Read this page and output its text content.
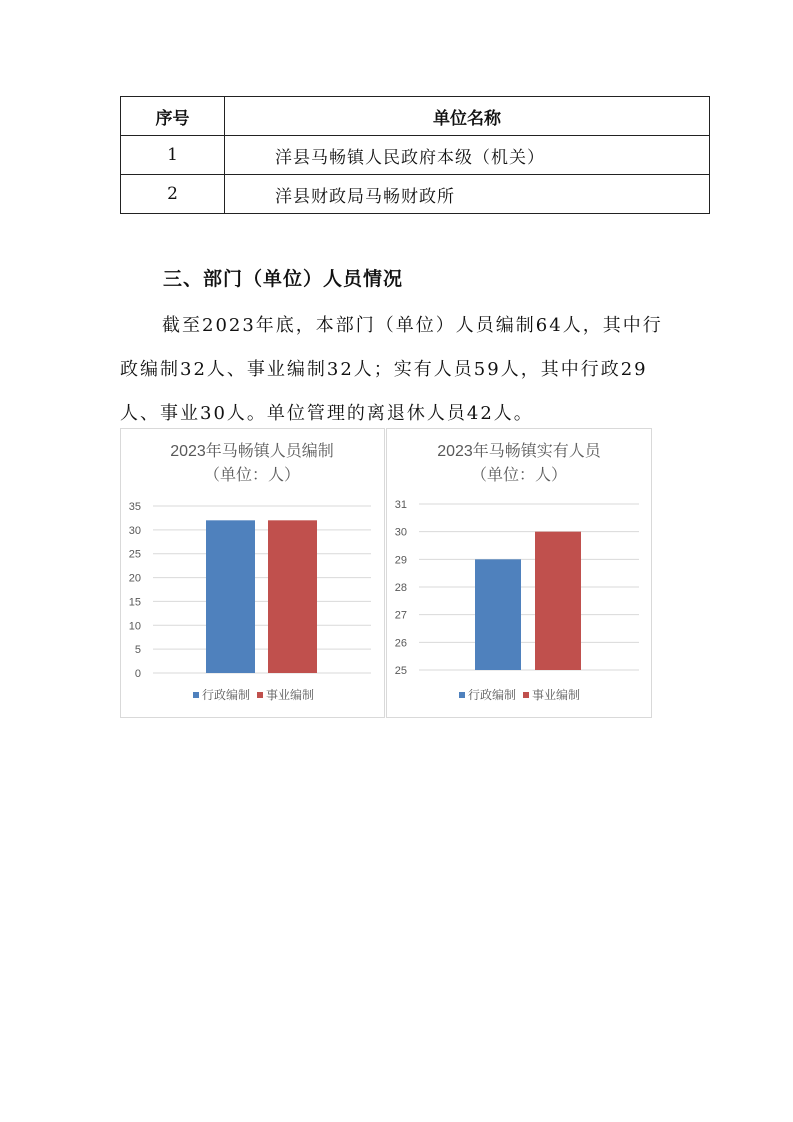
序号	单位名称
1	洋县马畅镇人民政府本级（机关）
2	洋县财政局马畅财政所
三、部门（单位）人员情况

截至2023年底，本部门（单位）人员编制64人，其中行政编制32人、事业编制32人；实有人员59人，其中行政29人、事业30人。单位管理的离退休人员42人。

2023年马畅镇人员编制
（单位：人）
0
5
10
15
20
25
30
35
行政编制 事业编制
2023年马畅镇实有人员
（单位：人）
25
26
27
28
29
30
31
行政编制 事业编制
